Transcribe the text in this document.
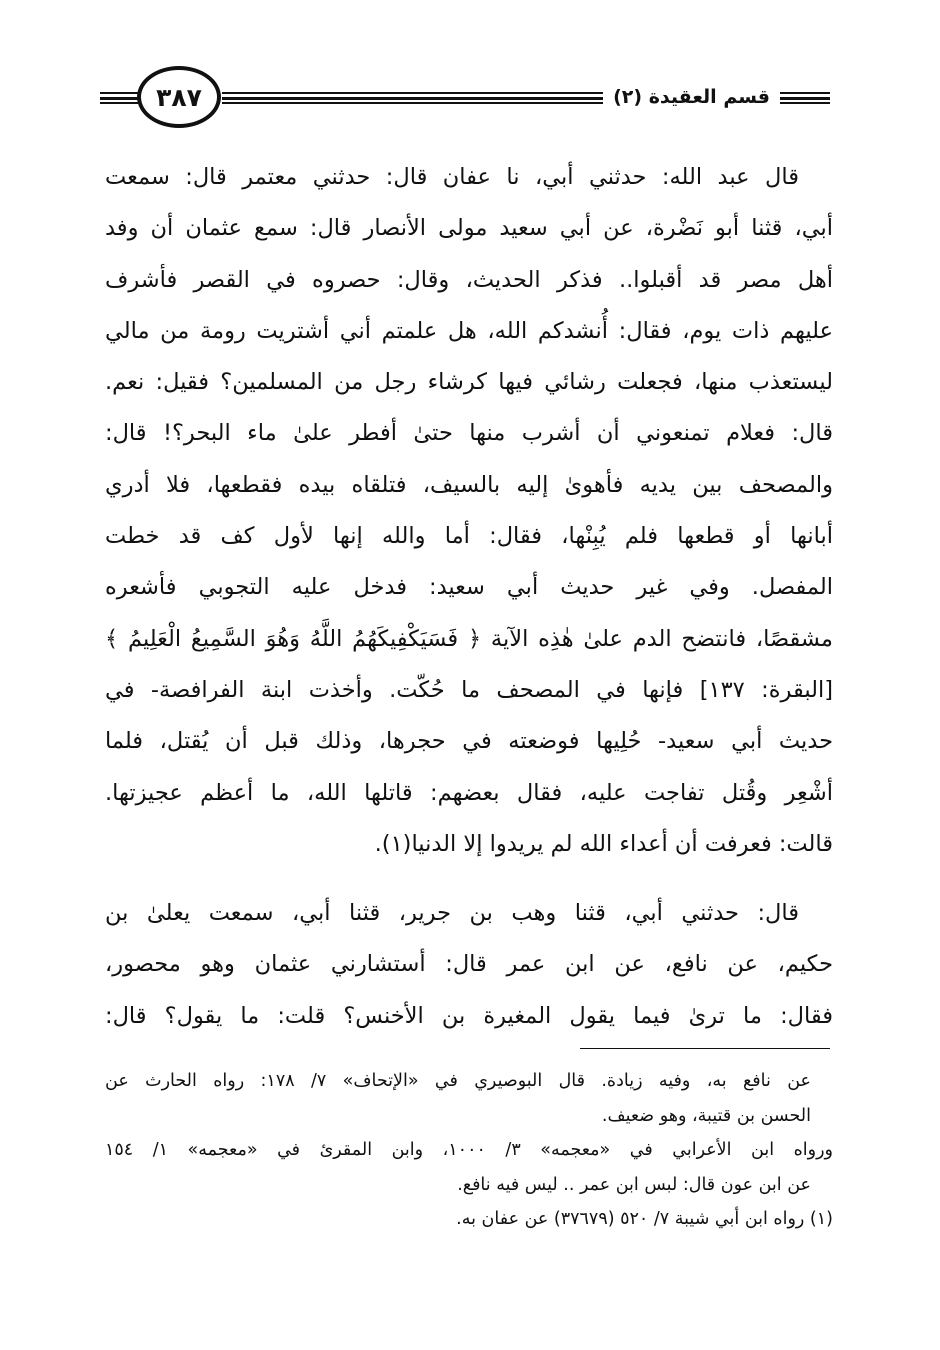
٣٨٧	قسم العقيدة (٢)
قال عبد الله: حدثني أبي، نا عفان قال: حدثني معتمر قال: سمعت
أبي، قثنا أبو نَضْرة، عن أبي سعيد مولى الأنصار قال: سمع عثمان أن وفد
أهل مصر قد أقبلوا.. فذكر الحديث، وقال: حصروه في القصر فأشرف
عليهم ذات يوم، فقال: أُنشدكم الله، هل علمتم أني أشتريت رومة من مالي
ليستعذب منها، فجعلت رشائي فيها كرشاء رجل من المسلمين؟ فقيل: نعم.
قال: فعلام تمنعوني أن أشرب منها حتىٰ أفطر علىٰ ماء البحر؟! قال:
والمصحف بين يديه فأهوىٰ إليه بالسيف، فتلقاه بيده فقطعها، فلا أدري
أبانها أو قطعها فلم يُبِنْها، فقال: أما والله إنها لأول كف قد خطت
المفصل. وفي غير حديث أبي سعيد: فدخل عليه التجوبي فأشعره
مشقصًا، فانتضح الدم علىٰ هٰذِه الآية ﴿ فَسَيَكْفِيكَهُمُ اللَّهُ وَهُوَ السَّمِيعُ الْعَلِيمُ ﴾
[البقرة: ١٣٧] فإنها في المصحف ما حُكّت. وأخذت ابنة الفرافصة- في
حديث أبي سعيد- حُلِيها فوضعته في حجرها، وذلك قبل أن يُقتل، فلما
أشْعِر وقُتل تفاجت عليه، فقال بعضهم: قاتلها الله، ما أعظم عجيزتها.
قالت: فعرفت أن أعداء الله لم يريدوا إلا الدنيا(١).
قال: حدثني أبي، قثنا وهب بن جرير، قثنا أبي، سمعت يعلىٰ بن
حكيم، عن نافع، عن ابن عمر قال: أستشارني عثمان وهو محصور،
فقال: ما ترىٰ فيما يقول المغيرة بن الأخنس؟ قلت: ما يقول؟ قال:
عن نافع به، وفيه زيادة. قال البوصيري في «الإتحاف» ٧/ ١٧٨: رواه الحارث عن
الحسن بن قتيبة، وهو ضعيف.
ورواه ابن الأعرابي في «معجمه» ٣/ ١٠٠٠، وابن المقرئ في «معجمه» ١/ ١٥٤
عن ابن عون قال: لبس ابن عمر .. ليس فيه نافع.
(١) رواه ابن أبي شيبة ٧/ ٥٢٠ (٣٧٦٧٩) عن عفان به.
